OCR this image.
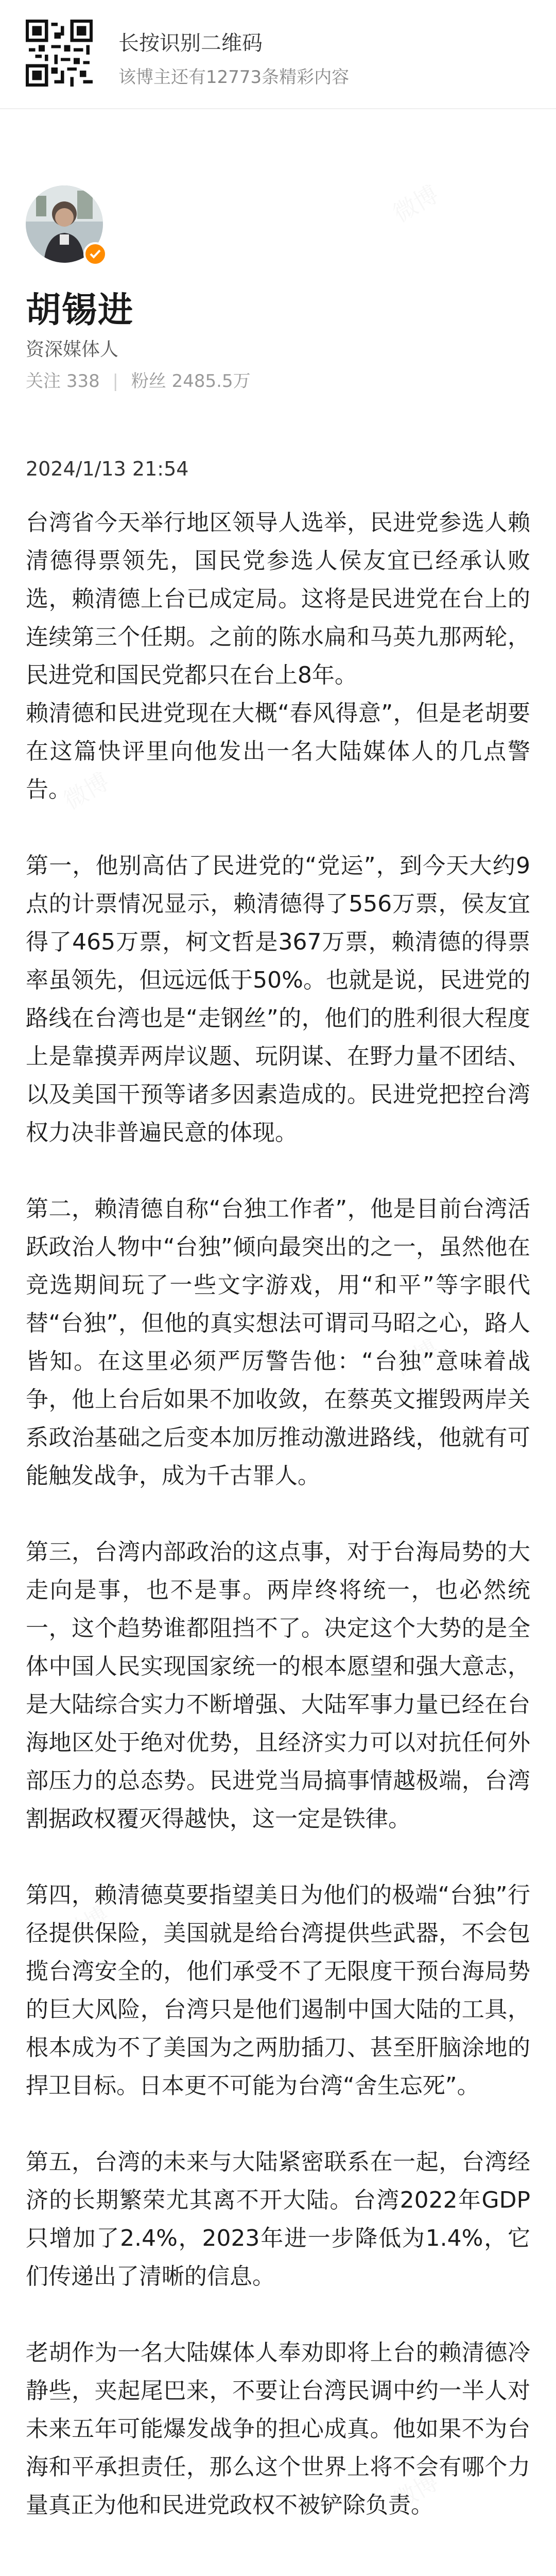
长按识别二维码
该博主还有12773条精彩内容
胡锡进
资深媒体人
关注 338 | 粉丝 2485.5万
2024/1/13 21:54

台湾省今天举行地区领导人选举，民进党参选人赖清德得票领先，国民党参选人侯友宜已经承认败选，赖清德上台已成定局。这将是民进党在台上的连续第三个任期。之前的陈水扁和马英九那两轮，民进党和国民党都只在台上8年。

赖清德和民进党现在大概“春风得意”，但是老胡要在这篇快评里向他发出一名大陆媒体人的几点警告。

第一，他别高估了民进党的“党运”，到今天大约9点的计票情况显示，赖清德得了556万票，侯友宜得了465万票，柯文哲是367万票，赖清德的得票率虽领先，但远远低于50%。也就是说，民进党的路线在台湾也是“走钢丝”的，他们的胜利很大程度上是靠摸弄两岸议题、玩阴谋、在野力量不团结、以及美国干预等诸多因素造成的。民进党把控台湾权力决非普遍民意的体现。

第二，赖清德自称“台独工作者”，他是目前台湾活跃政治人物中“台独”倾向最突出的之一，虽然他在竞选期间玩了一些文字游戏，用“和平”等字眼代替“台独”，但他的真实想法可谓司马昭之心，路人皆知。在这里必须严厉警告他：“台独”意味着战争，他上台后如果不加收敛，在蔡英文摧毁两岸关系政治基础之后变本加厉推动激进路线，他就有可能触发战争，成为千古罪人。

第三，台湾内部政治的这点事，对于台海局势的大走向是事，也不是事。两岸终将统一，也必然统一，这个趋势谁都阻挡不了。决定这个大势的是全体中国人民实现国家统一的根本愿望和强大意志，是大陆综合实力不断增强、大陆军事力量已经在台海地区处于绝对优势，且经济实力可以对抗任何外部压力的总态势。民进党当局搞事情越极端，台湾割据政权覆灭得越快，这一定是铁律。

第四，赖清德莫要指望美日为他们的极端“台独”行径提供保险，美国就是给台湾提供些武器，不会包揽台湾安全的，他们承受不了无限度干预台海局势的巨大风险，台湾只是他们遏制中国大陆的工具，根本成为不了美国为之两肋插刀、甚至肝脑涂地的捍卫目标。日本更不可能为台湾“舍生忘死”。

第五，台湾的未来与大陆紧密联系在一起，台湾经济的长期繁荣尤其离不开大陆。台湾2022年GDP只增加了2.4%，2023年进一步降低为1.4%，它们传递出了清晰的信息。

老胡作为一名大陆媒体人奉劝即将上台的赖清德冷静些，夹起尾巴来，不要让台湾民调中约一半人对未来五年可能爆发战争的担心成真。他如果不为台海和平承担责任，那么这个世界上将不会有哪个力量真正为他和民进党政权不被铲除负责。
